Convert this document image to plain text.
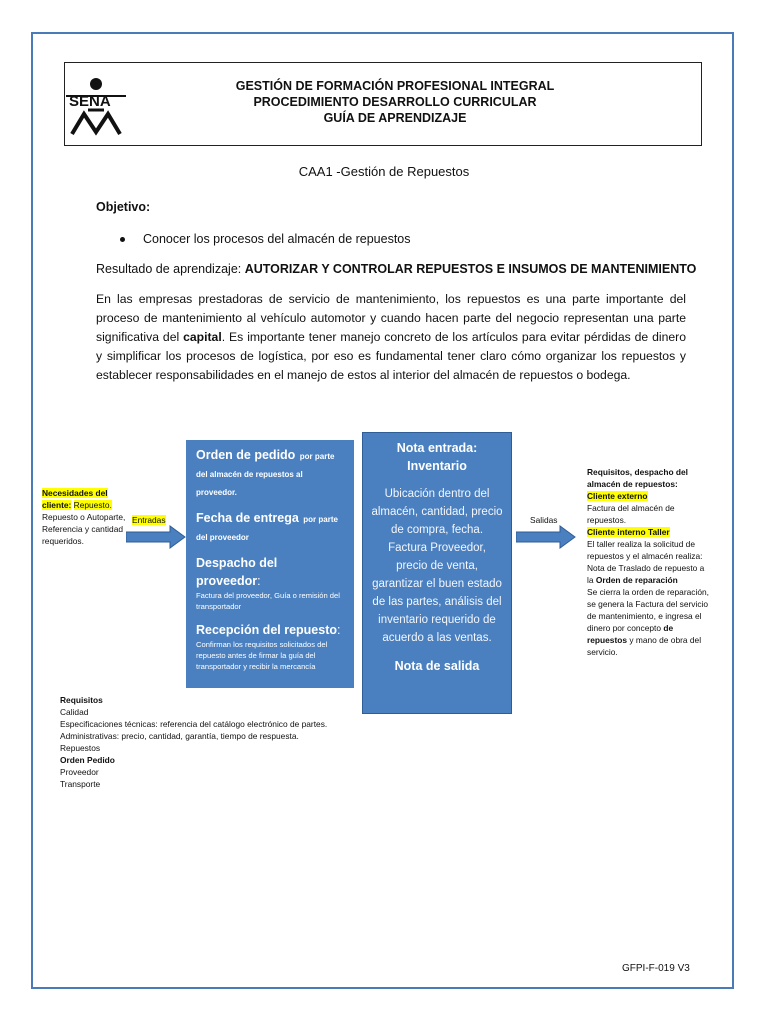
SENA
GESTIÓN DE FORMACIÓN PROFESIONAL INTEGRAL
PROCEDIMIENTO DESARROLLO CURRICULAR
GUÍA DE APRENDIZAJE
CAA1 -Gestión de Repuestos
Objetivo:
Conocer los procesos del almacén de repuestos
Resultado de aprendizaje: AUTORIZAR Y CONTROLAR REPUESTOS E INSUMOS DE MANTENIMIENTO
En las empresas prestadoras de servicio de mantenimiento, los repuestos es una parte importante del proceso de mantenimiento al vehículo automotor y cuando hacen parte del negocio representan una parte significativa del capital. Es importante tener manejo concreto de los artículos para evitar pérdidas de dinero y simplificar los procesos de logística, por eso es fundamental tener claro cómo organizar los repuestos y establecer responsabilidades en el manejo de estos al interior del almacén de repuestos o bodega.
Necesidades del cliente: Repuesto.
Repuesto o Autoparte, Referencia y cantidad requeridos.
Entradas
Orden de pedido por parte del almacén de repuestos al proveedor.
Fecha de entrega por parte del proveedor
Despacho del proveedor:
Factura del proveedor, Guía o remisión del transportador
Recepción del repuesto:
Confirman los requisitos solicitados del repuesto antes de firmar la guía del transportador y recibir la mercancía
Nota entrada:
Inventario
Ubicación dentro del almacén, cantidad, precio de compra, fecha. Factura Proveedor, precio de venta, garantizar el buen estado de las partes, análisis del inventario requerido de acuerdo a las ventas.
Nota de salida
Salidas
Requisitos, despacho del almacén de repuestos:
Cliente externo
Factura del almacén de repuestos.
Cliente interno Taller
El taller realiza la solicitud de repuestos y el almacén realiza:
Nota de Traslado de repuesto a la Orden de reparación
Se cierra la orden de reparación, se genera la Factura del servicio de mantenimiento, e ingresa el dinero por concepto de repuestos y mano de obra del servicio.
Requisitos
Calidad
Especificaciones técnicas: referencia del catálogo electrónico de partes.
Administrativas: precio, cantidad, garantía, tiempo de respuesta.
Repuestos
Orden Pedido
Proveedor
Transporte
GFPI-F-019 V3
